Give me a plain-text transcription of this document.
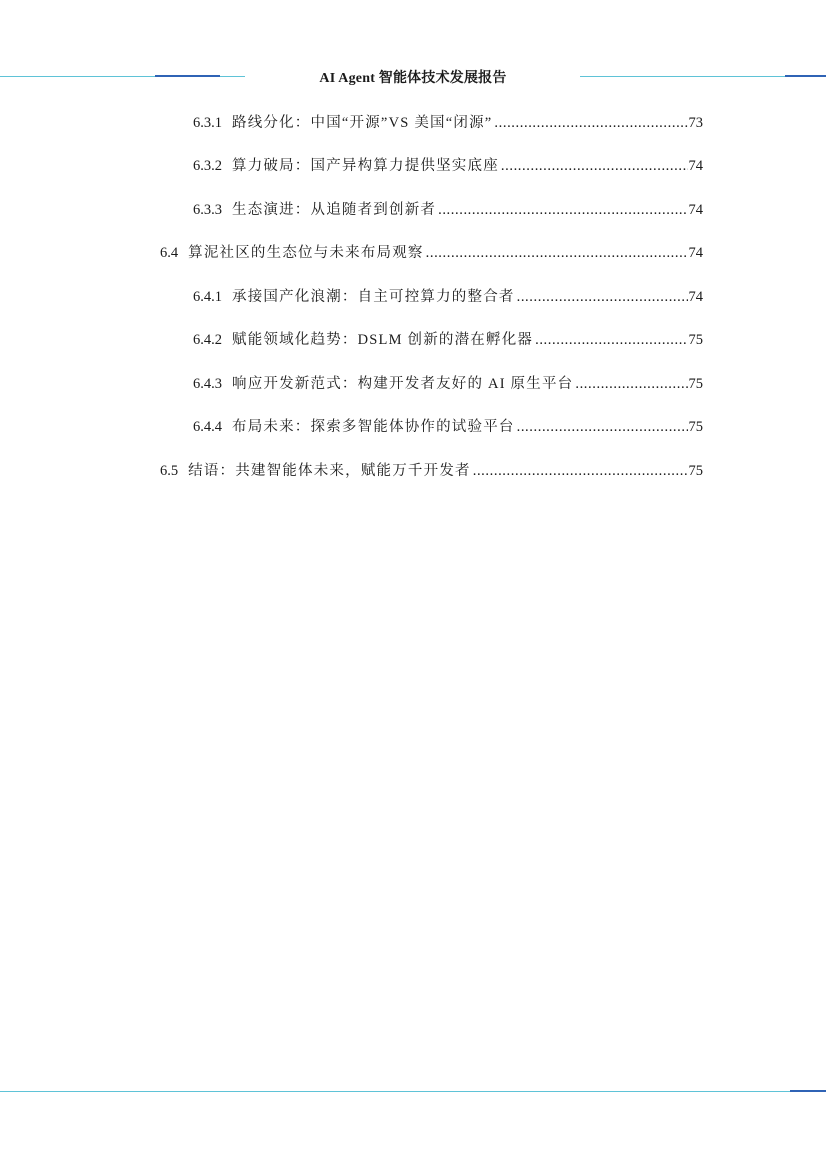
AI Agent 智能体技术发展报告
6.3.1 路线分化：中国“开源”VS 美国“闭源” .....	73
6.3.2 算力破局：国产异构算力提供坚实底座 .....	74
6.3.3 生态演进：从追随者到创新者 .....	74
6.4 算泥社区的生态位与未来布局观察 .....	74
6.4.1 承接国产化浪潮：自主可控算力的整合者 .....	74
6.4.2 赋能领域化趋势：DSLM 创新的潜在孵化器 .....	75
6.4.3 响应开发新范式：构建开发者友好的 AI 原生平台 .....	75
6.4.4 布局未来：探索多智能体协作的试验平台 .....	75
6.5 结语：共建智能体未来，赋能万千开发者 .....	75
